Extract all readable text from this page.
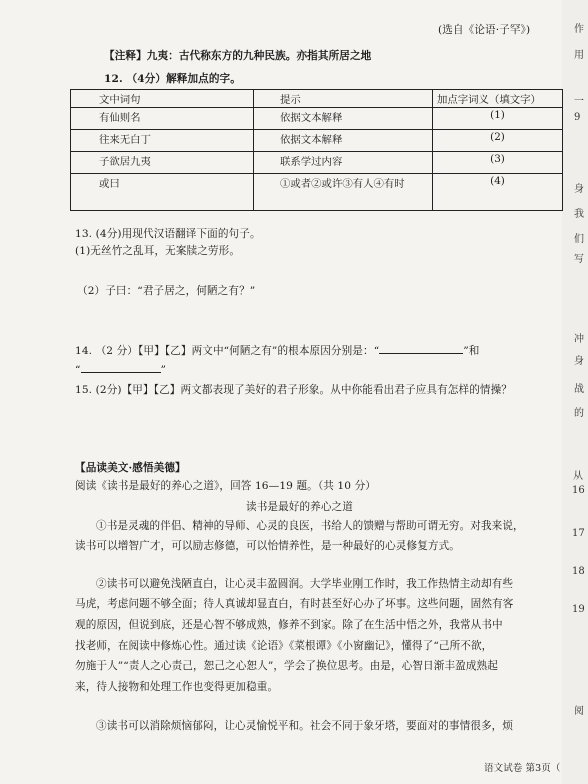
(选自《论语·子罕》)
【注释】九夷：古代称东方的九种民族。亦指其所居之地
12. （4分）解释加点的字。
文中词句	提示	加点字词义（填文字）
有仙则名	依据文本解释	(1)
往来无白丁	依据文本解释	(2)
子欲居九夷	联系学过内容	(3)
或曰	①或者②或许③有人④有时	(4)
13. (4分)用现代汉语翻译下面的句子。
(1)无丝竹之乱耳，无案牍之劳形。
（2）子曰：“君子居之，何陋之有？”
14. （2 分）【甲】【乙】两文中“何陋之有”的根本原因分别是：“	”和
“	”
15. (2分)【甲】【乙】两文都表现了美好的君子形象。从中你能看出君子应具有怎样的情操？
【品读美文·感悟美德】
阅读《读书是最好的养心之道》，回答 16—19 题。（共 10 分）
读书是最好的养心之道
①书是灵魂的伴侣、精神的导师、心灵的良医，书给人的馈赠与帮助可谓无穷。对我来说，
读书可以增智广才，可以励志修德，可以怡情养性，是一种最好的心灵修复方式。
②读书可以避免浅陋直白，让心灵丰盈圆润。大学毕业刚工作时，我工作热情主动却有些
马虎，考虑问题不够全面；待人真诚却显直白，有时甚至好心办了坏事。这些问题，固然有客
观的原因，但说到底，还是心智不够成熟，修养不到家。除了在生活中悟之外，我常从书中
找老师，在阅读中修炼心性。通过读《论语》《菜根谭》《小窗幽记》，懂得了“己所不欲，
勿施于人”“责人之心责己，恕己之心恕人”，学会了换位思考。由是，心智日渐丰盈成熟起
来，待人接物和处理工作也变得更加稳重。
③读书可以消除烦恼郁闷，让心灵愉悦平和。社会不同于象牙塔，要面对的事情很多，烦
语文试卷 第3页（
作
用
一
9
身
我
们
写
冲
身
战
的
从
16
17
18
19
阅
